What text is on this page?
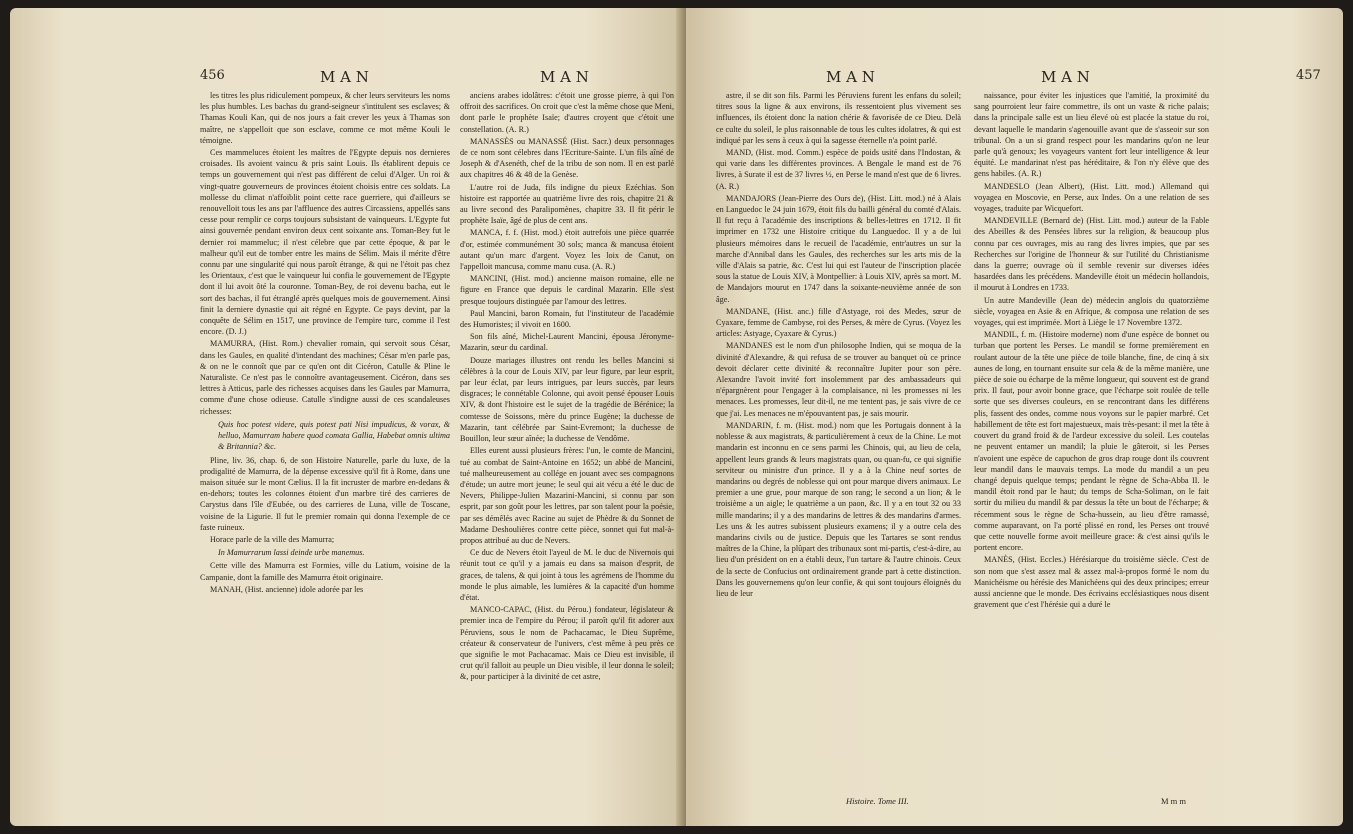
456	M A N	M A N

les titres les plus ridiculement pompeux, & cher leurs serviteurs les noms les plus humbles. Les bachas du grand-seigneur s'intitulent ses esclaves; & Thamas Kouli Kan, qui de nos jours a fait crever les yeux à Thamas son maître, ne s'appelloit que son esclave, comme ce mot même Kouli le témoigne.

Ces mammeluces étoient les maîtres de l'Egypte depuis nos dernieres croisades. Ils avoient vaincu & pris saint Louis. Ils établirent depuis ce temps un gouvernement qui n'est pas différent de celui d'Alger. Un roi & vingt-quatre gouverneurs de provinces étoient choisis entre ces soldats. La mollesse du climat n'affoiblit point cette race guerriere, qui d'ailleurs se renouvelloit tous les ans par l'affluence des autres Circassiens, appellés sans cesse pour remplir ce corps toujours subsistant de vainqueurs. L'Egypte fut ainsi gouvernée pendant environ deux cent soixante ans. Toman-Bey fut le dernier roi mammeluc; il n'est célebre que par cette époque, & par le malheur qu'il eut de tomber entre les mains de Sélim. Mais il mérite d'être connu par une singularité qui nous paroît étrange, & qui ne l'étoit pas chez les Orientaux, c'est que le vainqueur lui confia le gouvernement de l'Egypte dont il lui avoit ôté la couronne. Toman-Bey, de roi devenu bacha, eut le sort des bachas, il fut étranglé après quelques mois de gouvernement. Ainsi finit la derniere dynastie qui ait régné en Egypte. Ce pays devint, par la conquête de Sélim en 1517, une province de l'empire turc, comme il l'est encore. (D. J.)

MAMURRA, (Hist. Rom.) chevalier romain, qui servoit sous César, dans les Gaules, en qualité d'intendant des machines; César m'en parle pas, & on ne le connoît que par ce qu'en ont dit Cicéron, Catulle & Pline le Naturaliste. Ce n'est pas le connoître avantageusement. Cicéron, dans ses lettres à Atticus, parle des richesses acquises dans les Gaules par Mamurra, comme d'une chose odieuse. Catulle s'indigne aussi de ces scandaleuses richesses:

Quis hoc potest videre, quis potest pati Nisi impudicus, & vorax, & helluo, Mamurram habere quod comata Gallia, Habebat omnis ultima & Britannia? &c.

Pline, liv. 36, chap. 6, de son Histoire Naturelle, parle du luxe, de la prodigalité de Mamurra, de la dépense excessive qu'il fit à Rome, dans une maison située sur le mont Cælius. Il la fit incruster de marbre en-dedans & en-dehors; toutes les colonnes étoient d'un marbre tiré des carrieres de Carystus dans l'île d'Eubée, ou des carrieres de Luna, ville de Toscane, voisine de la Ligurie. Il fut le premier romain qui donna l'exemple de ce faste ruineux.

Horace parle de la ville des Mamurra;

In Mamurrarum lassi deinde urbe manemus.

Cette ville des Mamurra est Formies, ville du Latium, voisine de la Campanie, dont la famille des Mamurra étoit originaire.

MANAH, (Hist. ancienne) idole adorée par les

anciens arabes idolâtres: c'étoit une grosse pierre, à qui l'on offroit des sacrifices. On croit que c'est la même chose que Meni, dont parle le prophète Isaïe; d'autres croyent que c'étoit une constellation. (A. R.)

MANASSÈS ou MANASSÉ (Hist. Sacr.) deux personnages de ce nom sont célebres dans l'Ecriture-Sainte. L'un fils aîné de Joseph & d'Asenéth, chef de la tribu de son nom. Il en est parlé aux chapitres 46 & 48 de la Genèse.

L'autre roi de Juda, fils indigne du pieux Ezéchias. Son histoire est rapportée au quatrième livre des rois, chapitre 21 & au livre second des Paralipomènes, chapitre 33. Il fit périr le prophète Isaïe, âgé de plus de cent ans.

MANCA, f. f. (Hist. mod.) étoit autrefois une pièce quarrée d'or, estimée communément 30 sols; manca & mancusa étoient autant qu'un marc d'argent. Voyez les loix de Canut, on l'appelloit mancusa, comme manu cusa. (A. R.)

MANCINI, (Hist. mod.) ancienne maison romaine, elle ne figure en France que depuis le cardinal Mazarin. Elle s'est presque toujours distinguée par l'amour des lettres.

Paul Mancini, baron Romain, fut l'instituteur de l'académie des Humoristes; il vivoit en 1600.

Son fils aîné, Michel-Laurent Mancini, épousa Jéronyme-Mazarin, sœur du cardinal.

Douze mariages illustres ont rendu les belles Mancini si célèbres à la cour de Louis XIV, par leur figure, par leur esprit, par leur éclat, par leurs intrigues, par leurs succès, par leurs disgraces; le connétable Colonne, qui avoit pensé épouser Louis XIV, & dont l'histoire est le sujet de la tragédie de Bérénice; la comtesse de Soissons, mère du prince Eugène; la duchesse de Mazarin, tant célébrée par Saint-Evremont; la duchesse de Bouillon, leur sœur aînée; la duchesse de Vendôme.

Elles eurent aussi plusieurs frères: l'un, le comte de Mancini, tué au combat de Saint-Antoine en 1652; un abbé de Mancini, tué malheureusement au collége en jouant avec ses compagnons d'étude; un autre mort jeune; le seul qui ait vécu a été le duc de Nevers, Philippe-Julien Mazarini-Mancini, si connu par son esprit, par son goût pour les lettres, par son talent pour la poésie, par ses démêlés avec Racine au sujet de Phèdre & du Sonnet de Madame Deshoulières contre cette pièce, sonnet qui fut mal-à-propos attribué au duc de Nevers.

Ce duc de Nevers étoit l'ayeul de M. le duc de Nivernois qui réunit tout ce qu'il y a jamais eu dans sa maison d'esprit, de graces, de talens, & qui joint à tous les agrémens de l'homme du monde le plus aimable, les lumières & la capacité d'un homme d'état.

MANCO-CAPAC, (Hist. du Pérou.) fondateur, législateur & premier inca de l'empire du Pérou; il paroît qu'il fit adorer aux Péruviens, sous le nom de Pachacamac, le Dieu Suprême, créateur & conservateur de l'univers, c'est même à peu près ce que signifie le mot Pachacamac. Mais ce Dieu est invisible, il crut qu'il falloit au peuple un Dieu visible, il leur donna le soleil; &, pour participer à la divinité de cet astre,

M A N	M A N	457

astre, il se dit son fils. Parmi les Péruviens furent les enfans du soleil; titres sous la ligne & aux environs, ils ressentoient plus vivement ses influences, ils étoient donc la nation chérie & favorisée de ce Dieu. Delà ce culte du soleil, le plus raisonnable de tous les cultes idolatres, & qui est indiqué par les sens à ceux à qui la sagesse éternelle n'a point parlé.

MAND, (Hist. mod. Comm.) espèce de poids usité dans l'Indostan, & qui varie dans les différentes provinces. A Bengale le mand est de 76 livres, à Surate il est de 37 livres ½, en Perse le mand n'est que de 6 livres. (A. R.)

MANDAJORS (Jean-Pierre des Ours de), (Hist. Litt. mod.) né à Alais en Languedoc le 24 juin 1679, étoit fils du bailli général du comté d'Alais. Il fut reçu à l'académie des inscriptions & belles-lettres en 1712. Il fit imprimer en 1732 une Histoire critique du Languedoc. Il y a de lui plusieurs mémoires dans le recueil de l'académie, entr'autres un sur la marche d'Annibal dans les Gaules, des recherches sur les arts mis de la ville d'Alais sa patrie, &c. C'est lui qui est l'auteur de l'inscription placée sous la statue de Louis XIV, à Montpellier: à Louis XIV, après sa mort. M. de Mandajors mourut en 1747 dans la soixante-neuvième année de son âge.

MANDANE, (Hist. anc.) fille d'Astyage, roi des Medes, sœur de Cyaxare, femme de Cambyse, roi des Perses, & mère de Cyrus. (Voyez les articles: Astyage, Cyaxare & Cyrus.)

MANDANES est le nom d'un philosophe Indien, qui se moqua de la divinité d'Alexandre, & qui refusa de se trouver au banquet où ce prince devoit déclarer cette divinité & reconnaître Jupiter pour son père. Alexandre l'avoit invité fort insolemment par des ambassadeurs qui n'épargnèrent pour l'engager à la complaisance, ni les promesses ni les menaces. Les promesses, leur dit-il, ne me tentent pas, je sais vivre de ce que j'ai. Les menaces ne m'épouvantent pas, je sais mourir.

MANDARIN, f. m. (Hist. mod.) nom que les Portugais donnent à la noblesse & aux magistrats, & particulièrement à ceux de la Chine. Le mot mandarin est inconnu en ce sens parmi les Chinois, qui, au lieu de cela, appellent leurs grands & leurs magistrats quan, ou quan-fu, ce qui signifie serviteur ou ministre d'un prince. Il y a à la Chine neuf sortes de mandarins ou degrés de noblesse qui ont pour marque divers animaux. Le premier a une grue, pour marque de son rang; le second a un lion; & le troisième a un aigle; le quatrième a un paon, &c. Il y a en tout 32 ou 33 mille mandarins; il y a des mandarins de lettres & des mandarins d'armes. Les uns & les autres subissent plusieurs examens; il y a outre cela des mandarins civils ou de justice. Depuis que les Tartares se sont rendus maîtres de la Chine, la plûpart des tribunaux sont mi-partis, c'est-à-dire, au lieu d'un président on en a établi deux, l'un tartare & l'autre chinois. Ceux de la secte de Confucius ont ordinairement grande part à cette distinction. Dans les gouvernemens qu'on leur confie, & qui sont toujours éloignés du lieu de leur

naissance, pour éviter les injustices que l'amitié, la proximité du sang pourroient leur faire commettre, ils ont un vaste & riche palais; dans la principale salle est un lieu élevé où est placée la statue du roi, devant laquelle le mandarin s'agenouille avant que de s'asseoir sur son tribunal. On a un si grand respect pour les mandarins qu'on ne leur parle qu'à genoux; les voyageurs vantent fort leur intelligence & leur équité. Le mandarinat n'est pas héréditaire, & l'on n'y élève que des gens habiles. (A. R.)

MANDESLO (Jean Albert), (Hist. Litt. mod.) Allemand qui voyagea en Moscovie, en Perse, aux Indes. On a une relation de ses voyages, traduite par Wicquefort.

MANDEVILLE (Bernard de) (Hist. Litt. mod.) auteur de la Fable des Abeilles & des Pensées libres sur la religion, & beaucoup plus connu par ces ouvrages, mis au rang des livres impies, que par ses Recherches sur l'origine de l'honneur & sur l'utilité du Christianisme dans la guerre; ouvrage où il semble revenir sur diverses idées hasardées dans les précédens. Mandeville étoit un médecin hollandois, il mourut à Londres en 1733.

Un autre Mandeville (Jean de) médecin anglois du quatorzième siècle, voyagea en Asie & en Afrique, & composa une relation de ses voyages, qui est imprimée. Mort à Liège le 17 Novembre 1372.

MANDIL, f. m. (Histoire moderne) nom d'une espèce de bonnet ou turban que portent les Perses. Le mandil se forme premièrement en roulant autour de la tête une pièce de toile blanche, fine, de cinq à six aunes de long, en tournant ensuite sur cela & de la même manière, une pièce de soie ou écharpe de la même longueur, qui souvent est de grand prix. Il faut, pour avoir bonne grace, que l'écharpe soit roulée de telle sorte que ses diverses couleurs, en se rencontrant dans les différens plis, fassent des ondes, comme nous voyons sur le papier marbré. Cet habillement de tête est fort majestueux, mais très-pesant: il met la tête à couvert du grand froid & de l'ardeur excessive du soleil. Les coutelas ne peuvent entamer un mandil; la pluie le gâteroit, si les Perses n'avoient une espèce de capuchon de gros drap rouge dont ils couvrent leur mandil dans le mauvais temps. La mode du mandil a un peu changé depuis quelque temps; pendant le règne de Scha-Abba II. le mandil étoit rond par le haut; du temps de Scha-Soliman, on le fait sortir du milieu du mandil & par dessus la tête un bout de l'écharpe; & récemment sous le règne de Scha-hussein, au lieu d'être ramassé, comme auparavant, on l'a porté plissé en rond, les Perses ont trouvé que cette nouvelle forme avoit meilleure grace: & c'est ainsi qu'ils le portent encore.

MANÈS, (Hist. Eccles.) Hérésiarque du troisième siècle. C'est de son nom que s'est assez mal & assez mal-à-propos formé le nom du Manichéisme ou hérésie des Manichéens qui des deux principes; erreur aussi ancienne que le monde. Des écrivains ecclésiastiques nous disent gravement que c'est l'hérésie qui a duré le

Histoire. Tome III.	M m m
